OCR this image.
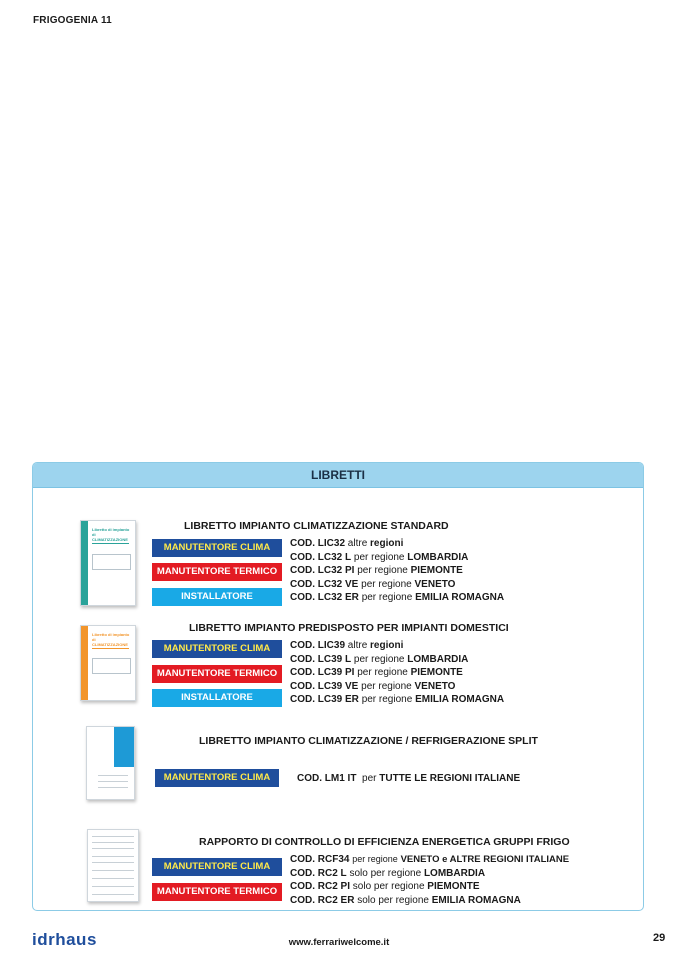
FRIGOGENIA 11
LIBRETTI
LIBRETTO IMPIANTO CLIMATIZZAZIONE STANDARD
Libretto di impianto di CLIMATIZZAZIONE
MANUTENTORE CLIMA
MANUTENTORE TERMICO
INSTALLATORE
COD. LIC32 altre regioni
COD. LC32 L per regione LOMBARDIA
COD. LC32 PI per regione PIEMONTE
COD. LC32 VE per regione VENETO
COD. LC32 ER per regione EMILIA ROMAGNA
LIBRETTO IMPIANTO PREDISPOSTO PER IMPIANTI DOMESTICI
Libretto di impianto di CLIMATIZZAZIONE	MANUTENTORE CLIMA
MANUTENTORE TERMICO
INSTALLATORE
COD. LIC39 altre regioni
COD. LC39 L per regione LOMBARDIA
COD. LC39 PI per regione PIEMONTE
COD. LC39 VE per regione VENETO
COD. LC39 ER per regione EMILIA ROMAGNA
LIBRETTO IMPIANTO CLIMATIZZAZIONE / REFRIGERAZIONE SPLIT
MANUTENTORE CLIMA	COD. LM1 IT per TUTTE LE REGIONI ITALIANE
RAPPORTO DI CONTROLLO DI EFFICIENZA ENERGETICA GRUPPI FRIGO
MANUTENTORE CLIMA
MANUTENTORE TERMICO
COD. RCF34 per regione VENETO e ALTRE REGIONI ITALIANE
COD. RC2 L solo per regione LOMBARDIA
COD. RC2 PI solo per regione PIEMONTE
COD. RC2 ER solo per regione EMILIA ROMAGNA
idrhaus	www.ferrariwelcome.it	29
